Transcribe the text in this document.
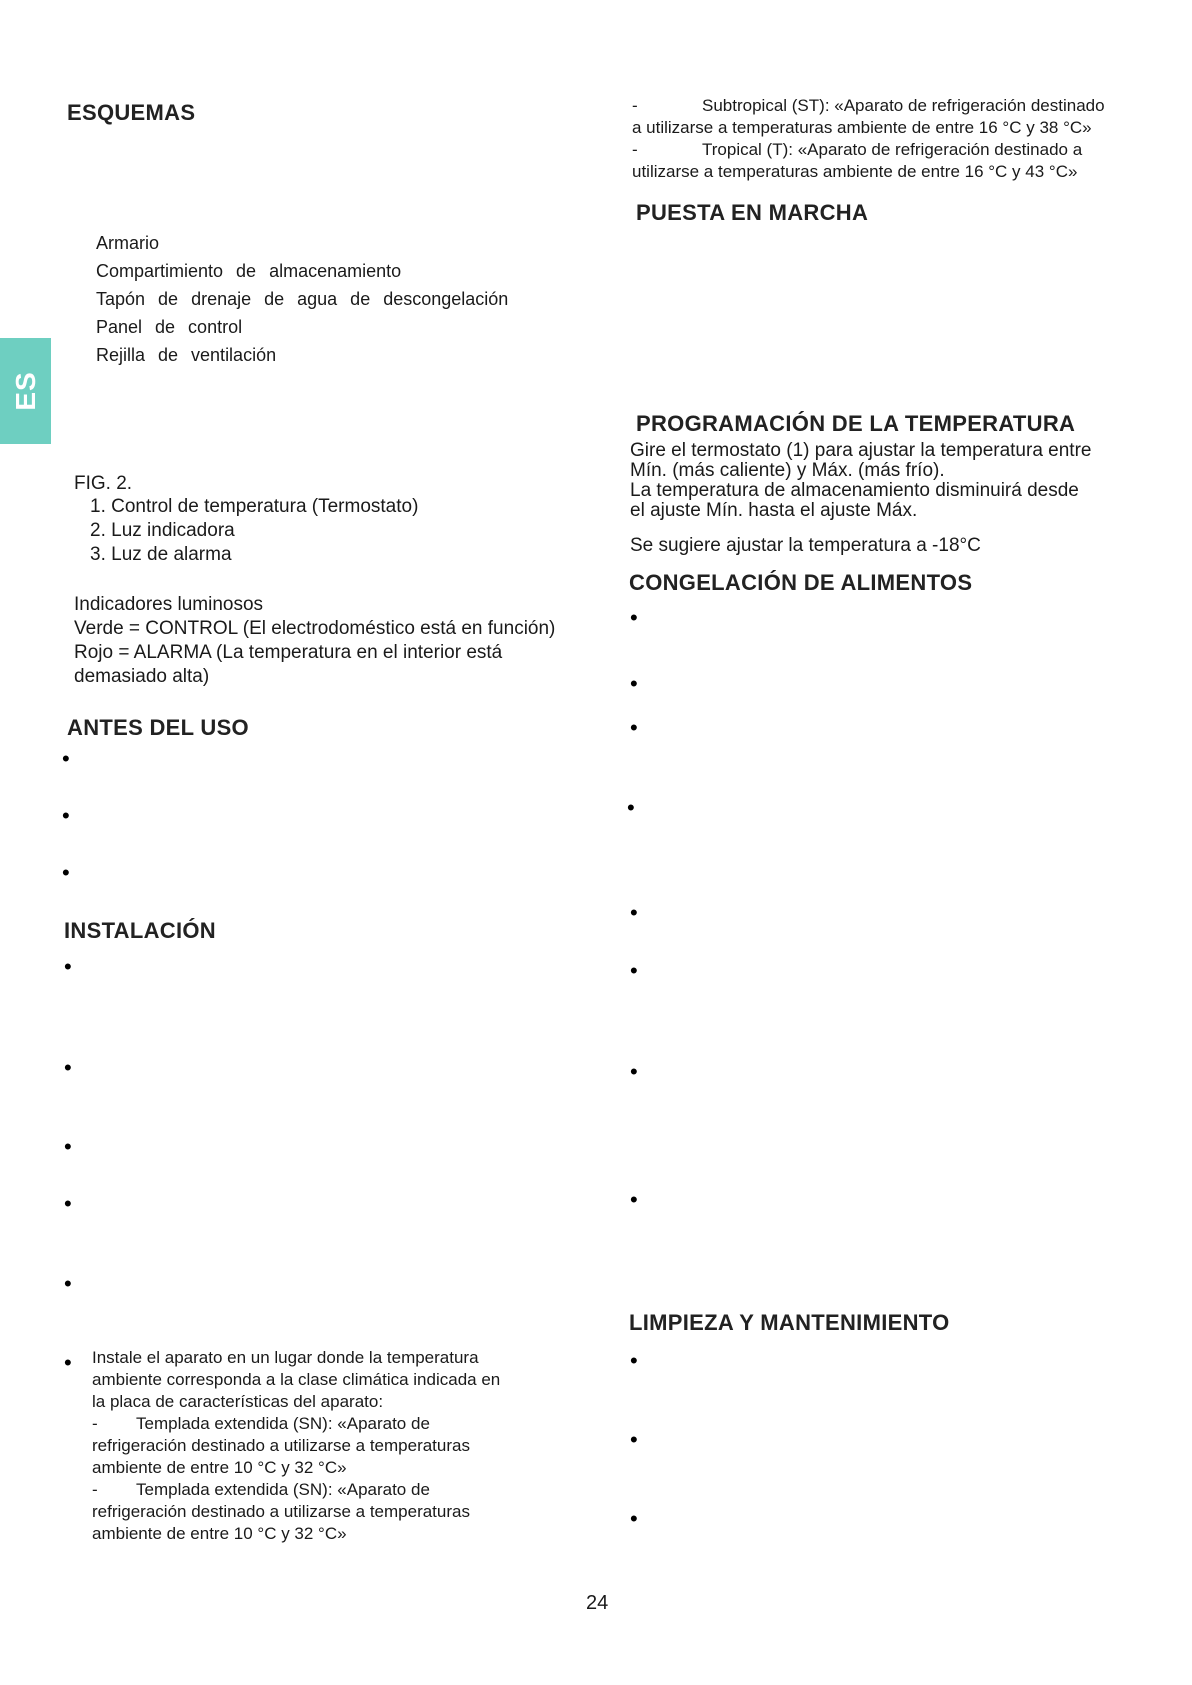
ES
ESQUEMAS
Armario
Compartimiento de almacenamiento
Tapón de drenaje de agua de descongelación
Panel de control
Rejilla de ventilación
FIG. 2.
1. Control de temperatura (Termostato)
2. Luz indicadora
3. Luz de alarma
Indicadores luminosos
Verde = CONTROL (El electrodoméstico está en función)
Rojo = ALARMA (La temperatura en el interior está
demasiado alta)
ANTES DEL USO
•
•
•
INSTALACIÓN
•
•
•
•
•
• Instale el aparato en un lugar donde la temperatura
ambiente corresponda a la clase climática indicada en
la placa de características del aparato:
- Templada extendida (SN): «Aparato de
refrigeración destinado a utilizarse a temperaturas
ambiente de entre 10 °C y 32 °C»
- Templada extendida (SN): «Aparato de
refrigeración destinado a utilizarse a temperaturas
ambiente de entre 10 °C y 32 °C»
-	Subtropical (ST): «Aparato de refrigeración destinado
a utilizarse a temperaturas ambiente de entre 16 °C y 38 °C»
-	Tropical (T): «Aparato de refrigeración destinado a
utilizarse a temperaturas ambiente de entre 16 °C y 43 °C»
PUESTA EN MARCHA
PROGRAMACIÓN DE LA TEMPERATURA
Gire el termostato (1) para ajustar la temperatura entre
Mín. (más caliente) y Máx. (más frío).
La temperatura de almacenamiento disminuirá desde
el ajuste Mín. hasta el ajuste Máx.
Se sugiere ajustar la temperatura a -18°C
CONGELACIÓN DE ALIMENTOS
•
•
•
•
•
•
•
•
LIMPIEZA Y MANTENIMIENTO
•
•
•
24
